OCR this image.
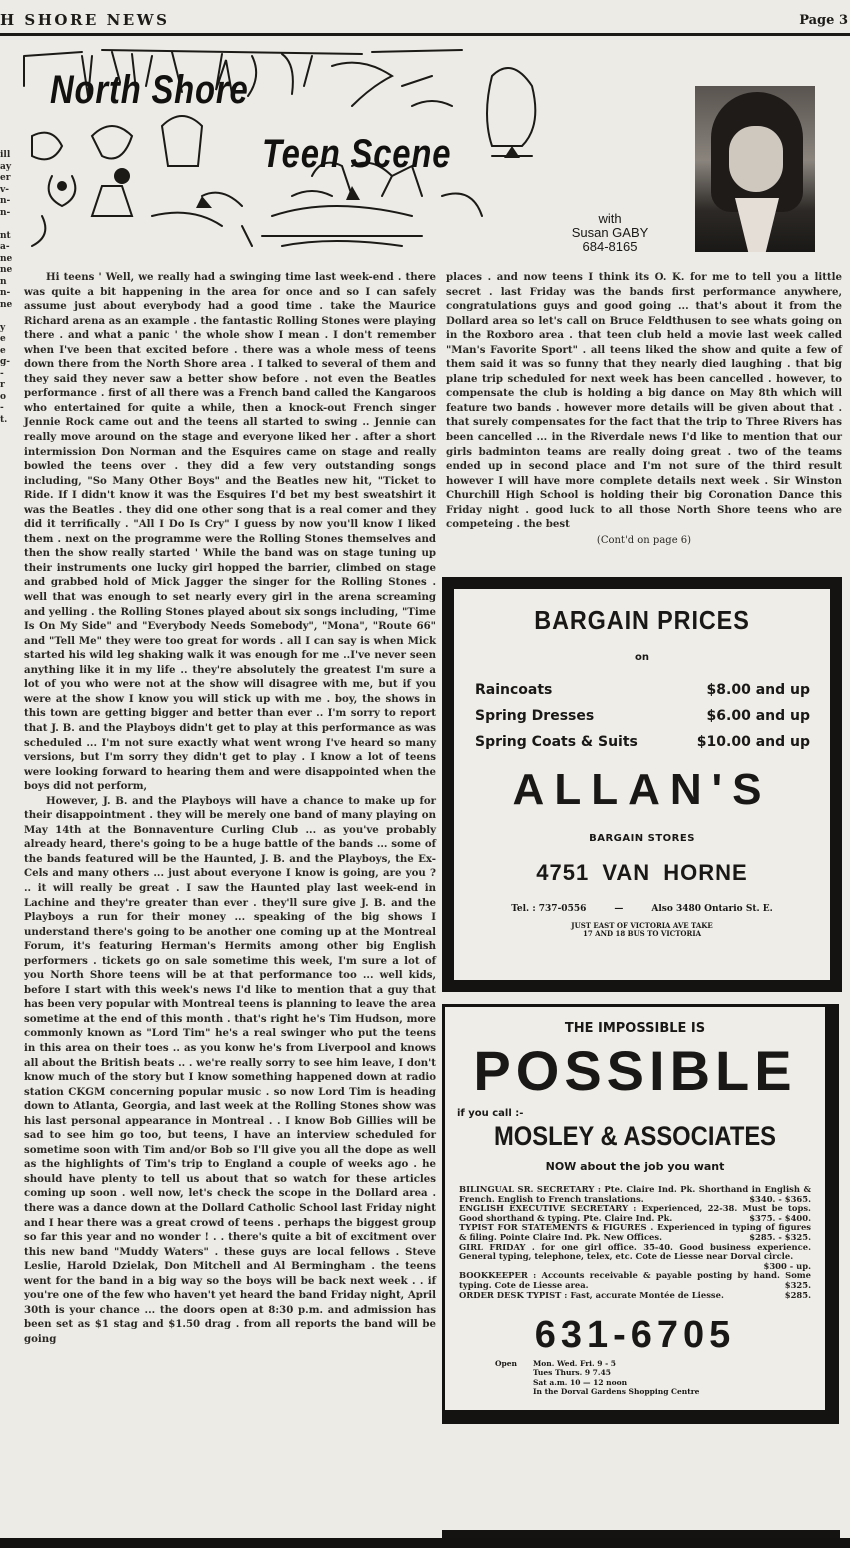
H SHORE NEWS	Page 3
ill
ay
er
v-
n-
n-

nt
a-
ne
ne
n
n-
ne

y
e
e
g-
-
r
o
-
t.
North Shore
Teen Scene
with
Susan GABY
684-8165

Hi teens ' Well, we really had a swinging time last week-end . there was quite a bit happening in the area for once and so I can safely assume just about everybody had a good time . take the Maurice Richard arena as an example . the fantastic Rolling Stones were playing there . and what a panic ' the whole show I mean . I don't remember when I've been that excited before . there was a whole mess of teens down there from the North Shore area . I talked to several of them and they said they never saw a better show before . not even the Beatles performance . first of all there was a French band called the Kangaroos who entertained for quite a while, then a knock-out French singer Jennie Rock came out and the teens all started to swing .. Jennie can really move around on the stage and everyone liked her . after a short intermission Don Norman and the Esquires came on stage and really bowled the teens over . they did a few very outstanding songs including, "So Many Other Boys" and the Beatles new hit, "Ticket to Ride. If I didn't know it was the Esquires I'd bet my best sweatshirt it was the Beatles . they did one other song that is a real comer and they did it terrifically . "All I Do Is Cry" I guess by now you'll know I liked them . next on the programme were the Rolling Stones themselves and then the show really started ' While the band was on stage tuning up their instruments one lucky girl hopped the barrier, climbed on stage and grabbed hold of Mick Jagger the singer for the Rolling Stones . well that was enough to set nearly every girl in the arena screaming and yelling . the Rolling Stones played about six songs including, "Time Is On My Side" and "Everybody Needs Somebody", "Mona", "Route 66" and "Tell Me" they were too great for words . all I can say is when Mick started his wild leg shaking walk it was enough for me ..I've never seen anything like it in my life .. they're absolutely the greatest I'm sure a lot of you who were not at the show will disagree with me, but if you were at the show I know you will stick up with me . boy, the shows in this town are getting bigger and better than ever .. I'm sorry to report that J. B. and the Playboys didn't get to play at this performance as was scheduled ... I'm not sure exactly what went wrong I've heard so many versions, but I'm sorry they didn't get to play . I know a lot of teens were looking forward to hearing them and were disappointed when the boys did not perform,

However, J. B. and the Playboys will have a chance to make up for their disappointment . they will be merely one band of many playing on May 14th at the Bonnaventure Curling Club ... as you've probably already heard, there's going to be a huge battle of the bands ... some of the bands featured will be the Haunted, J. B. and the Playboys, the Ex-Cels and many others ... just about everyone I know is going, are you ? .. it will really be great . I saw the Haunted play last week-end in Lachine and they're greater than ever . they'll sure give J. B. and the Playboys a run for their money ... speaking of the big shows I understand there's going to be another one coming up at the Montreal Forum, it's featuring Herman's Hermits among other big English performers . tickets go on sale sometime this week, I'm sure a lot of you North Shore teens will be at that performance too ... well kids, before I start with this week's news I'd like to mention that a guy that has been very popular with Montreal teens is planning to leave the area sometime at the end of this month . that's right he's Tim Hudson, more commonly known as "Lord Tim" he's a real swinger who put the teens in this area on their toes .. as you konw he's from Liverpool and knows all about the British beats .. . we're really sorry to see him leave, I don't know much of the story but I know something happened down at radio station CKGM concerning popular music . so now Lord Tim is heading down to Atlanta, Georgia, and last week at the Rolling Stones show was his last personal appearance in Montreal . . I know Bob Gillies will be sad to see him go too, but teens, I have an interview scheduled for sometime soon with Tim and/or Bob so I'll give you all the dope as well as the highlights of Tim's trip to England a couple of weeks ago . he should have plenty to tell us about that so watch for these articles coming up soon . well now, let's check the scope in the Dollard area . there was a dance down at the Dollard Catholic School last Friday night and I hear there was a great crowd of teens . perhaps the biggest group so far this year and no wonder ! . . there's quite a bit of excitment over this new band "Muddy Waters" . these guys are local fellows . Steve Leslie, Harold Dzielak, Don Mitchell and Al Bermingham . the teens went for the band in a big way so the boys will be back next week . . if you're one of the few who haven't yet heard the band Friday night, April 30th is your chance ... the doors open at 8:30 p.m. and admission has been set as $1 stag and $1.50 drag . from all reports the band will be going

places . and now teens I think its O. K. for me to tell you a little secret . last Friday was the bands first performance anywhere, congratulations guys and good going ... that's about it from the Dollard area so let's call on Bruce Feldthusen to see whats going on in the Roxboro area . that teen club held a movie last week called "Man's Favorite Sport" . all teens liked the show and quite a few of them said it was so funny that they nearly died laughing . that big plane trip scheduled for next week has been cancelled . however, to compensate the club is holding a big dance on May 8th which will feature two bands . however more details will be given about that . that surely compensates for the fact that the trip to Three Rivers has been cancelled ... in the Riverdale news I'd like to mention that our girls badminton teams are really doing great . two of the teams ended up in second place and I'm not sure of the third result however I will have more complete details next week . Sir Winston Churchill High School is holding their big Coronation Dance this Friday night . good luck to all those North Shore teens who are competeing . the best

(Cont'd on page 6)
BARGAIN PRICES
on
Raincoats	$8.00 and up
Spring Dresses	$6.00 and up
Spring Coats & Suits	$10.00 and up
ALLAN'S
BARGAIN STORES
4751 VAN HORNE
Tel. : 737-0556	—	Also 3480 Ontario St. E.
JUST EAST OF VICTORIA AVE TAKE
17 AND 18 BUS TO VICTORIA
THE IMPOSSIBLE IS
POSSIBLE
if you call :-
MOSLEY & ASSOCIATES
NOW about the job you want
BILINGUAL SR. SECRETARY : Pte. Claire Ind. Pk. Shorthand in English & French. English to French translations.	$340. - $365.
ENGLISH EXECUTIVE SECRETARY : Experienced, 22-38. Must be tops. Good shorthand & typing. Pte. Claire Ind. Pk.	$375. - $400.
TYPIST FOR STATEMENTS & FIGURES . Experienced in typing of figures & filing. Pointe Claire Ind. Pk. New Offices.	$285. - $325.
GIRL FRIDAY . for one girl office. 35-40. Good business experience. General typing, telephone, telex, etc. Cote de Liesse near Dorval circle.
$300 - up.
BOOKKEEPER : Accounts receivable & payable posting by hand. Some typing. Cote de Liesse area.	$325.
ORDER DESK TYPIST : Fast, accurate Montée de Liesse.	$285.
631-6705
Open	Mon. Wed. Fri. 9 - 5
Tues Thurs. 9 7.45
Sat a.m. 10 — 12 noon
In the Dorval Gardens Shopping Centre
